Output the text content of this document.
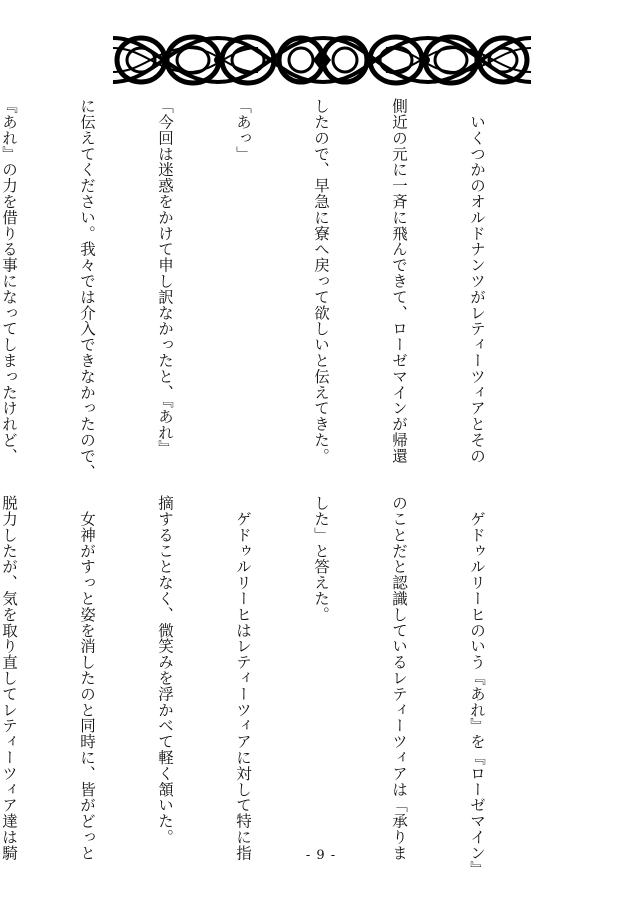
　いくつかのオルドナンツがレティーツィアとその

側近の元に一斉に飛んできて、ローゼマインが帰還

したので、早急に寮へ戻って欲しいと伝えてきた。

「あっ」

「今回は迷惑をかけて申し訳なかったと、『あれ』

に伝えてください。我々では介入できなかったので、

『あれ』の力を借りる事になってしまったけれど、

　ゲドゥルリーヒのいう『あれ』を『ローゼマイン』

のことだと認識しているレティーツィアは「承りま

した」と答えた。

　ゲドゥルリーヒはレティーツィアに対して特に指

摘することなく、微笑みを浮かべて軽く頷いた。

　女神がすっと姿を消したのと同時に、皆がどっと

脱力したが、気を取り直してレティーツィア達は騎

	- 9 -
